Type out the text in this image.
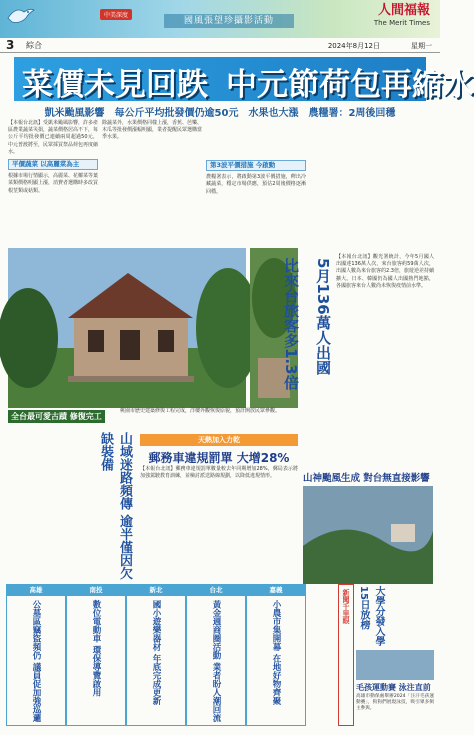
中美深度
國風張望珍攝影活動
人間福報
The Merit Times
3 綜合	2024年8月12日	星期一
菜價未見回跌 中元節荷包再縮水
凱米颱風影響　每公斤平均批發價仍逾50元　水果也大漲　農糧署：2周後回穩
【本報台北訊】受凱米颱風影響，許多產區農業蔬菜災損，蔬菜價格居高不下，每公斤平均批發價已連續兩周超過50元，中元普渡將至，民眾採買祭品荷包再度縮水。
平價蔬菜 以高麗菜為主
根據市場行情顯示，高麗菜、花椰菜等葉菜類價格明顯上漲，消費者選購時多改買根莖類或菇類。
除蔬菜外，水果價格同樣上漲，香蕉、芭樂、木瓜等批發價漲幅明顯，業者提醒民眾選購當季水果。
第3波平價措施 今啟動
農糧署表示，將啟動第3波平價措施，釋出冷藏蔬菜，穩定市場供應，預估2周後價格逐漸回穩。
全台最可愛古蹟 修復完工
桃園市歷史建築修復工程完成，洋樓外觀恢復原貌，預計開放民眾參觀。
5月136萬人出國
比來台旅客多1.3倍
【本報台北訊】觀光署統計，今年5月國人出國達136萬人次，來台旅客約59萬人次，出國人數為來台旅客的2.3倍，旅遊逆差持續擴大。日本、韓國仍為國人出國熱門地點，各國旅客來台人數尚未恢復疫情前水準。
山神颱風生成 對台無直接影響
山域迷路頻傳 逾半僅因欠缺裝備	天熱加入力乾
郵務車違規罰單 大增28%
【本報台北訊】郵務車違規罰單數量較去年同期增加28%，郵局表示將加強駕駛教育訓練，並檢討派送路線規劃，以降低違規情形。
高雄
公墓區竊盜頻仍 議員促加強巡邏
南投
數位電動車 環保導覽啟用
新北
國小遊樂器材 年底完成更新
台北
黃金週商圈活動 業者盼人潮回流
嘉義
小農市集開幕 在地好物齊聚	新聞千里眼	大學分發入學 15日放榜
毛孩運動賽 泳注直前
高雄市動保處舉辦2024「汪汗毛孩運動賽」，狗狗們展現泳技，吸引眾多飼主參與。
